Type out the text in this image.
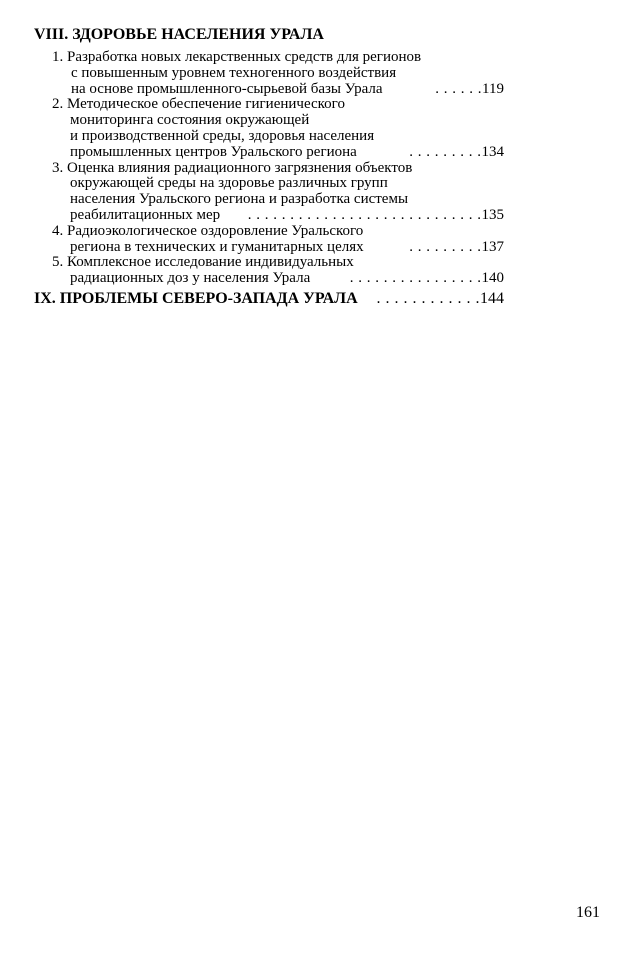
VIII. ЗДОРОВЬЕ НАСЕЛЕНИЯ УРАЛА
1. Разработка новых лекарственных средств для регионов
с повышенным уровнем техногенного воздействия
на основе промышленного-сырьевой базы Урала	. . . . . . 119
2. Методическое обеспечение гигиенического
мониторинга состояния окружающей
и производственной среды, здоровья населения
промышленных центров Уральского региона	. . . . . . . . . 134
3. Оценка влияния радиационного загрязнения объектов
окружающей среды на здоровье различных групп
населения Уральского региона и разработка системы
реабилитационных мер . . . . . . . . . . . . . . . . . . . . . . . . . . . . 135
4. Радиоэкологическое оздоровление Уральского
региона в технических и гуманитарных целях	. . . . . . . . . 137
5. Комплексное исследование индивидуальных
радиационных доз у населения Урала	. . . . . . . . . . . . . . . . 140
IX. ПРОБЛЕМЫ СЕВЕРО-ЗАПАДА УРАЛА	. . . . . . . . . . . . 144
161
